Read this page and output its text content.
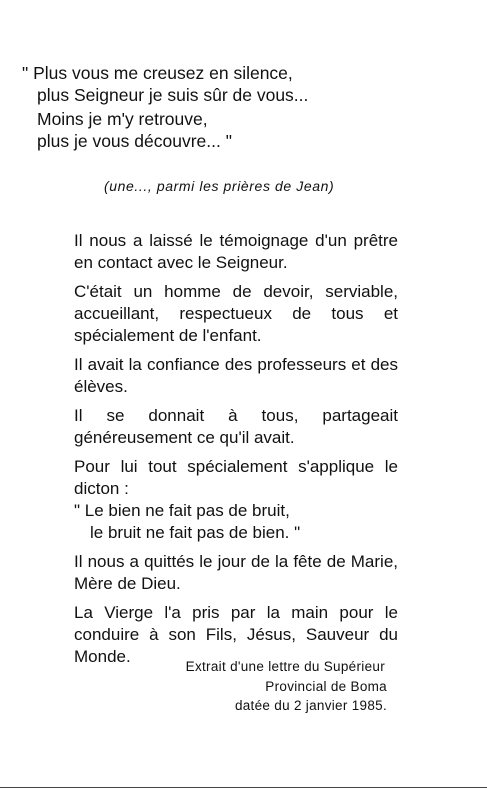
" Plus vous me creusez en silence,
plus Seigneur je suis sûr de vous...
Moins je m'y retrouve,
plus je vous découvre... "
(une..., parmi les prières de Jean)

Il nous a laissé le témoignage d'un prêtre en contact avec le Seigneur.

C'était un homme de devoir, serviable, accueillant, respectueux de tous et spécialement de l'enfant.

Il avait la confiance des professeurs et des élèves.

Il se donnait à tous, partageait généreusement ce qu'il avait.

Pour lui tout spécialement s'applique le dicton :

" Le bien ne fait pas de bruit,
le bruit ne fait pas de bien. "

Il nous a quittés le jour de la fête de Marie, Mère de Dieu.

La Vierge l'a pris par la main pour le conduire à son Fils, Jésus, Sauveur du Monde.

Extrait d'une lettre du Supérieur
Provincial de Boma
datée du 2 janvier 1985.
